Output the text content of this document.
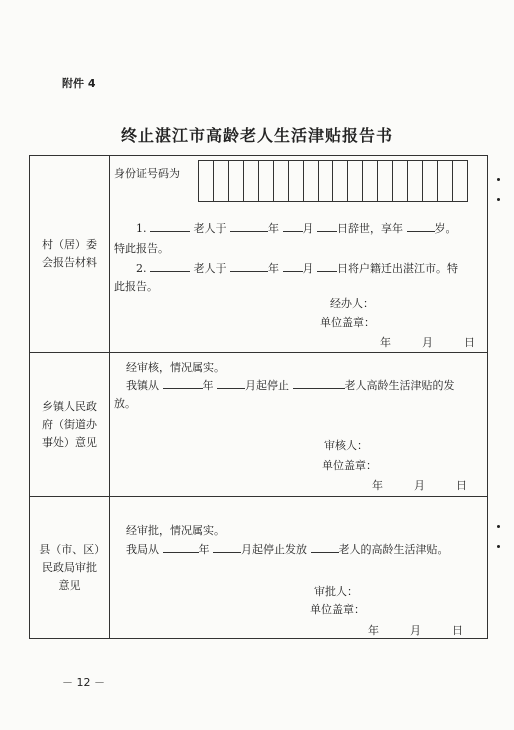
附件 4
终止湛江市高龄老人生活津贴报告书
村（居）委会报告材料
身份证号码为
1.	老人于	年 月 日辞世，享年	岁。
特此报告。
2.	老人于	年 月 日将户籍迁出湛江市。特
此报告。
经办人：
单位盖章：
年	月	日
乡镇人民政府（街道办事处）意见
经审核，情况属实。
我镇从	年	月起停止	老人高龄生活津贴的发
放。
审核人：
单位盖章：
年	月	日
县（市、区）民政局审批意见
经审批，情况属实。
我局从	年	月起停止发放	老人的高龄生活津贴。
审批人：
单位盖章：
年	月	日
－ 12 －
